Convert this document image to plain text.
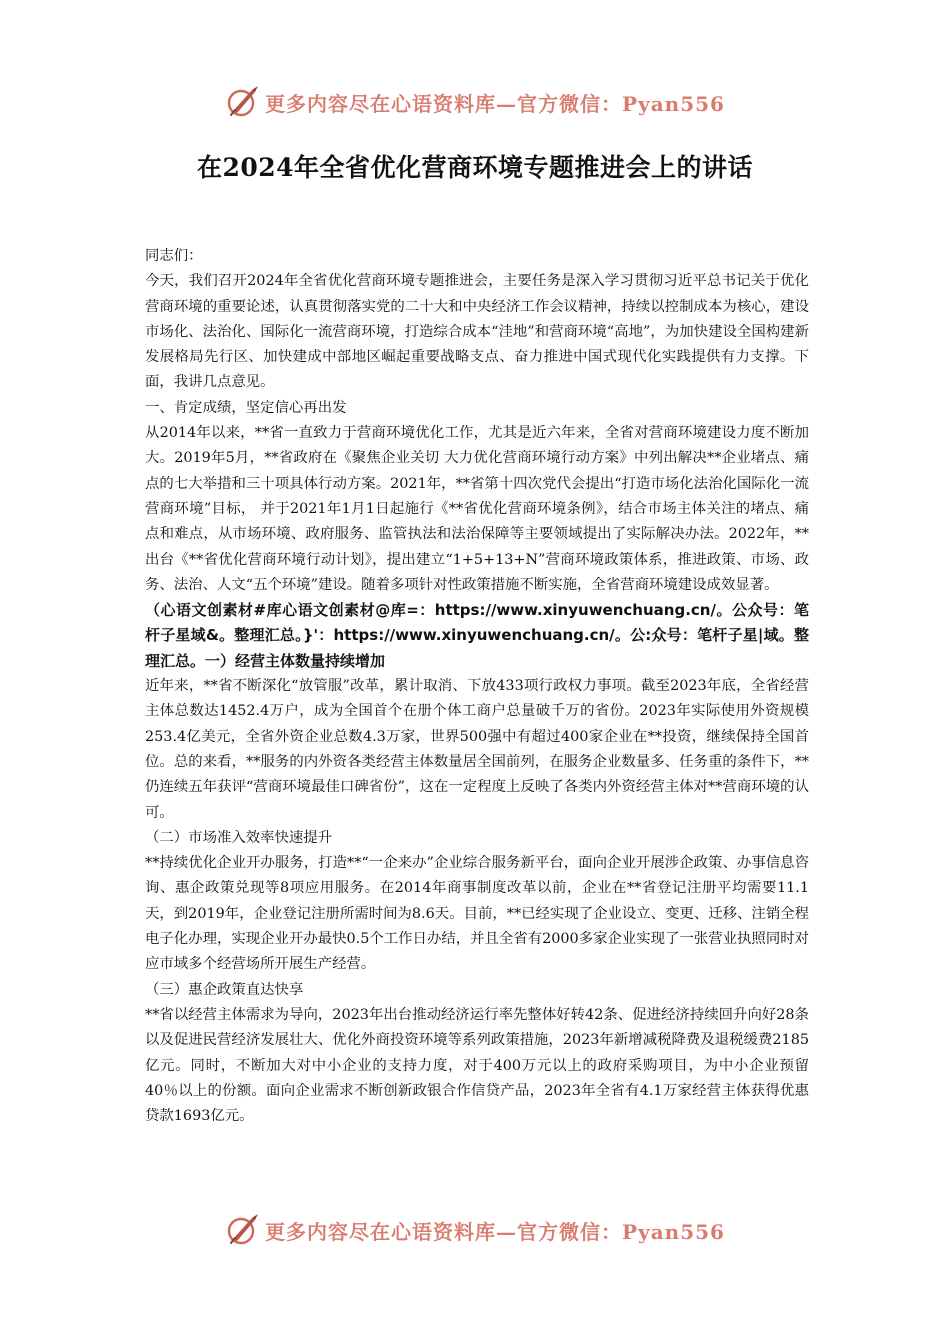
更多内容尽在心语资料库—官方微信：Pyan556
在2024年全省优化营商环境专题推进会上的讲话

同志们：

今天，我们召开2024年全省优化营商环境专题推进会，主要任务是深入学习贯彻习近平总书记关于优化营商环境的重要论述，认真贯彻落实党的二十大和中央经济工作会议精神，持续以控制成本为核心，建设市场化、法治化、国际化一流营商环境，打造综合成本“洼地”和营商环境“高地”，为加快建设全国构建新发展格局先行区、加快建成中部地区崛起重要战略支点、奋力推进中国式现代化实践提供有力支撑。下面，我讲几点意见。

一、肯定成绩，坚定信心再出发

从2014年以来，**省一直致力于营商环境优化工作，尤其是近六年来，全省对营商环境建设力度不断加大。2019年5月，**省政府在《聚焦企业关切 大力优化营商环境行动方案》中列出解决**企业堵点、痛点的七大举措和三十项具体行动方案。2021年，**省第十四次党代会提出“打造市场化法治化国际化一流营商环境”目标， 并于2021年1月1日起施行《**省优化营商环境条例》，结合市场主体关注的堵点、痛点和难点，从市场环境、政府服务、监管执法和法治保障等主要领域提出了实际解决办法。2022年，**出台《**省优化营商环境行动计划》，提出建立“1+5+13+N”营商环境政策体系，推进政策、市场、政务、法治、人文“五个环境”建设。随着多项针对性政策措施不断实施，全省营商环境建设成效显著。

（心语文创素材#库心语文创素材@库=：https://www.xinyuwenchuang.cn/。公众号：笔杆子星域&。整理汇总。}'：https://www.xinyuwenchuang.cn/。公:众号：笔杆子星|域。整理汇总。一）经营主体数量持续增加

近年来，**省不断深化“放管服”改革，累计取消、下放433项行政权力事项。截至2023年底，全省经营主体总数达1452.4万户，成为全国首个在册个体工商户总量破千万的省份。2023年实际使用外资规模253.4亿美元，全省外资企业总数4.3万家，世界500强中有超过400家企业在**投资，继续保持全国首位。总的来看，**服务的内外资各类经营主体数量居全国前列，在服务企业数量多、任务重的条件下，**仍连续五年获评“营商环境最佳口碑省份”，这在一定程度上反映了各类内外资经营主体对**营商环境的认可。

（二）市场准入效率快速提升

**持续优化企业开办服务，打造**“一企来办”企业综合服务新平台，面向企业开展涉企政策、办事信息咨询、惠企政策兑现等8项应用服务。在2014年商事制度改革以前，企业在**省登记注册平均需要11.1天，到2019年，企业登记注册所需时间为8.6天。目前，**已经实现了企业设立、变更、迁移、注销全程电子化办理，实现企业开办最快0.5个工作日办结，并且全省有2000多家企业实现了一张营业执照同时对应市域多个经营场所开展生产经营。

（三）惠企政策直达快享

**省以经营主体需求为导向，2023年出台推动经济运行率先整体好转42条、促进经济持续回升向好28条以及促进民营经济发展壮大、优化外商投资环境等系列政策措施，2023年新增减税降费及退税缓费2185亿元。同时，不断加大对中小企业的支持力度，对于400万元以上的政府采购项目，为中小企业预留40％以上的份额。面向企业需求不断创新政银合作信贷产品，2023年全省有4.1万家经营主体获得优惠贷款1693亿元。

更多内容尽在心语资料库—官方微信：Pyan556
